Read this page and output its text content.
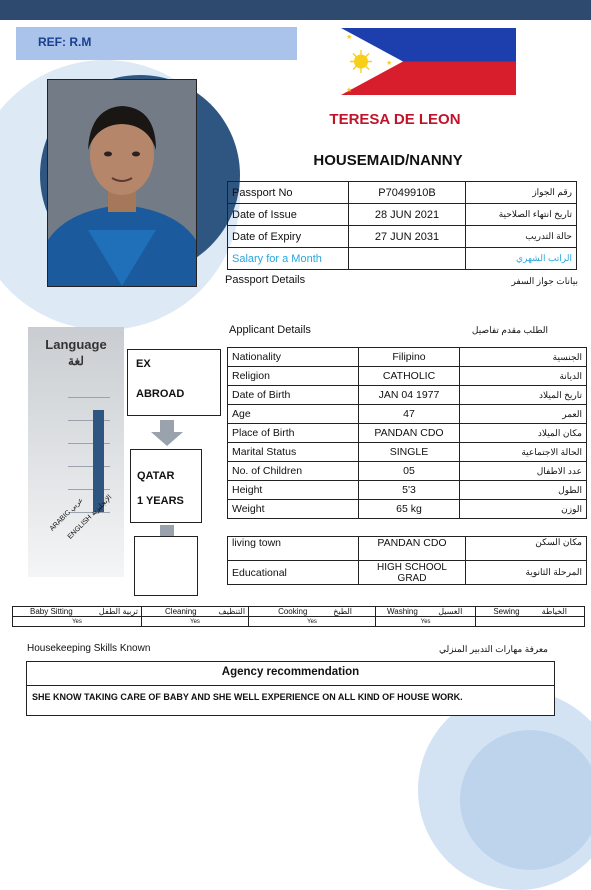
REF: R.M	★
★
★
TERESA DE LEON
HOUSEMAID/NANNY
Passport No	P7049910B	رقم الجواز
Date of Issue	28 JUN 2021	تاريخ انتهاء الصلاحية
Date of Expiry	27 JUN 2031	حالة التدريب
Salary for a Month		الراتب الشهري
Passport Details	بيانات جواز السفر
Applicant Details	الطلب مقدم تفاصيل
Nationality	Filipino	الجنسية
Religion	CATHOLIC	الديانة
Date of Birth	JAN 04 1977	تاريخ الميلاد
Age	47	العمر
Place of Birth	PANDAN CDO	مكان الميلاد
Marital Status	SINGLE	الحالة الاجتماعية
No. of Children	05	عدد الاطفال
Height	5'3	الطول
Weight	65 kg	الوزن
living town	PANDAN CDO	مكان السكن
Educational	HIGH SCHOOL GRAD	المرحلة الثانوية
Language
لغة
ARABIC عربي
ENGLISH الإنجليزية
EX
ABROAD
QATAR
1 YEARS
Baby Sitting تربية الطفل	Cleaning التنظيف	Cooking الطبخ	Washing الغسيل	Sewing الخياطة

Yes	Yes	Yes	Yes	
Housekeeping Skills Known	معرفة مهارات التدبير المنزلي
Agency recommendation
SHE KNOW TAKING CARE OF BABY AND SHE WELL EXPERIENCE ON ALL KIND OF HOUSE WORK.
